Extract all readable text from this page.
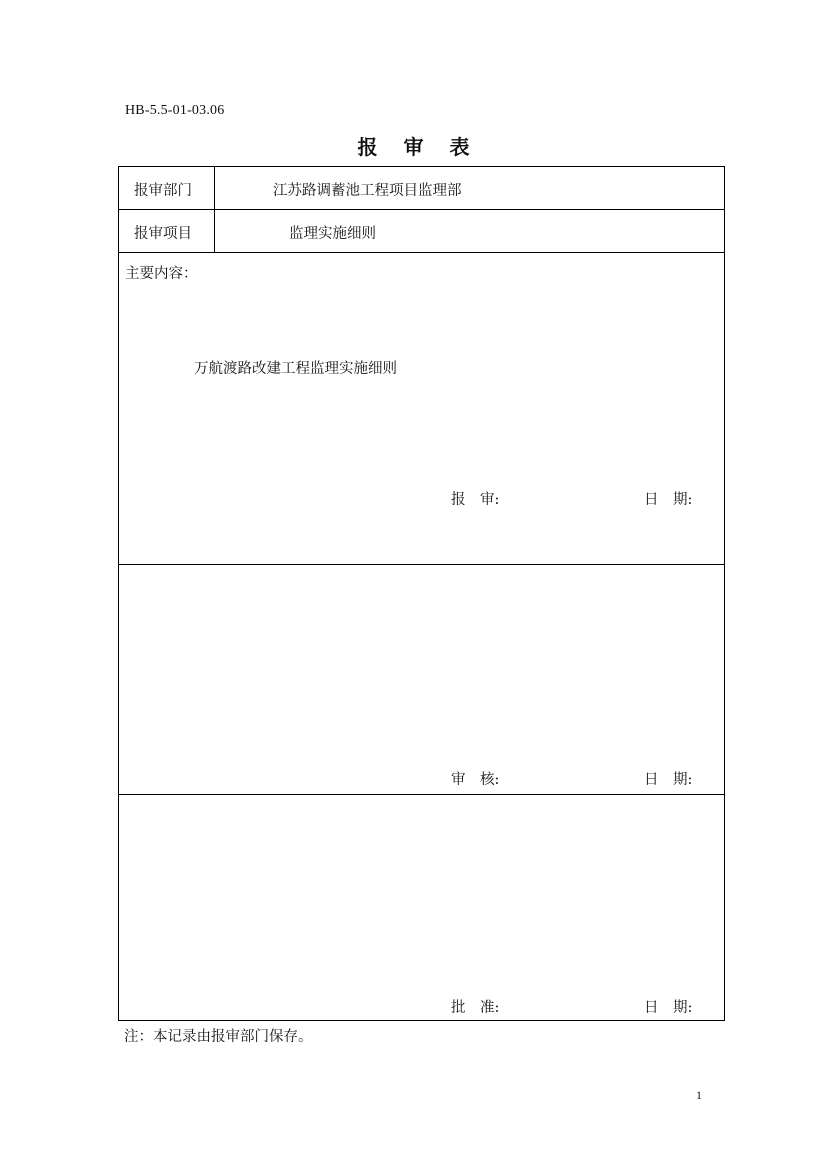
HB-5.5-01-03.06
报 审 表
报审部门	江苏路调蓄池工程项目监理部
报审项目	监理实施细则
主要内容：
万航渡路改建工程监理实施细则
报　审:	日　期:
审　核:	日　期:
批　准:	日　期:
注：本记录由报审部门保存。
1
